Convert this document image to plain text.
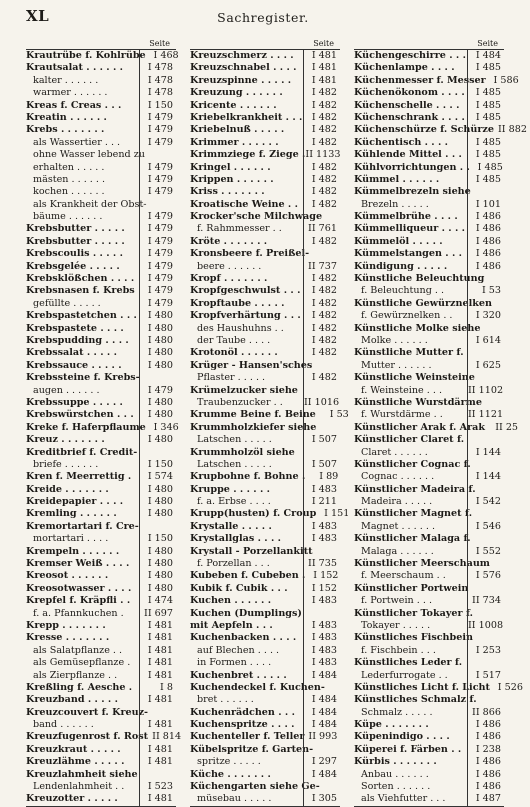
XL	Sachregister.
Seite
Krautrübe f. Kohlrübe I 468
Krautsalat . . . . . .	I 478
kalter . . . . . .	I 478
warmer . . . . . .	I 478
Kreas f. Creas . . .	I 150
Kreatin . . . . . .	I 479
Krebs . . . . . . .	I 479
als Wassertier . . .	I 479
ohne Wasser lebend zu
erhalten . . . . .	I 479
mästen . . . . . .	I 479
kochen . . . . . .	I 479
als Krankheit der Obst-
bäume . . . . . .	I 479
Krebsbutter . . . . .	I 479
Krebsbutter . . . . .	I 479
Krebscoulis . . . . .	I 479
Krebsgelée . . . . .	I 479
Krebsklößchen . . . .	I 479
Krebsnasen f. Krebs	I 479
gefüllte . . . . .	I 479
Krebspastetchen . . .	I 480
Krebspastete . . . .	I 480
Krebspudding . . . .	I 480
Krebssalat . . . . .	I 480
Krebssauce . . . . .	I 480
Krebssteine f. Krebs-
augen . . . . . .	I 479
Krebssuppe . . . . .	I 480
Krebswürstchen . . .	I 480
Kreke f. Haferpflaume I 346
Kreuz . . . . . . .	I 480
Kreditbrief f. Credit-
briefe . . . . . .	I 150
Kren f. Meerrettig .	I 574
Kreide . . . . . . .	I 480
Kreidepapier . . . .	I 480
Kremling . . . . . .	I 480
Kremortartari f. Cre-
mortartari . . . .	I 150
Krempeln . . . . . .	I 480
Kremser Weiß . . . .	I 480
Kreosot . . . . . .	I 480
Kreosotwasser . . . .	I 480
Krepfel f. Kräpfli . .	I 474
f. a. Pfannkuchen .	II 697
Krepp . . . . . . .	I 481
Kresse . . . . . . .	I 481
als Salatpflanze . .	I 481
als Gemüsepflanze .	I 481
als Zierpflanze . .	I 481
Kreßling f. Aesche .	I 8
Kreuzband . . . . .	I 481
Kreuzcouvert f. Kreuz-
band . . . . . .	I 481
Kreuzfugenrost f. Rost II 814
Kreuzkraut . . . . .	I 481
Kreuzlähme . . . . .	I 481
Kreuzlahmheit siehe
Lendenlahmheit . .	I 523
Kreuzotter . . . . .	I 481
Seite
Kreuzschmerz . . . .	I 481
Kreuzschnabel . . . .	I 481
Kreuzspinne . . . . .	I 481
Kreuzung . . . . . .	I 482
Kricente . . . . . .	I 482
Kriebelkrankheit . . . I 482
Kriebelnuß . . . . .	I 482
Krimmer . . . . . .	I 482
Krimmziege f. Ziege . II 1133
Kringel . . . . . .	I 482
Krippen . . . . . .	I 482
Kriss . . . . . . .	I 482
Kroatische Weine . .	I 482
Krocker'sche Milchwage
f. Rahmmesser . .	II 761
Kröte . . . . . . .	I 482
Kronsbeere f. Preißel-
beere . . . . . .	II 737
Kropf . . . . . . .	I 482
Kropfgeschwulst . . .	I 482
Kropftaube . . . . .	I 482
Kropfverhärtung . . .	I 482
des Haushuhns . .	I 482
der Taube . . . .	I 482
Krotonöl . . . . . .	I 482
Krüger - Hansen'sches
Pflaster . . . . .	I 482
Krümelzucker siehe
Traubenzucker . .	II 1016
Krumme Beine f. Beine	I 53
Krummholzkiefer siehe
Latschen . . . . .	I 507
Krummholzöl siehe
Latschen . . . . .	I 507
Krupbohne f. Bohne .	I 89
Kruppe . . . . . .	I 483
f. a. Erbse . . . .	I 211
Krupp(husten) f. Croup I 151
Krystalle . . . . .	I 483
Krystallglas . . . .	I 483
Krystall - Porzellankitt
f. Porzellan . . .	II 735
Kubeben f. Cubeben . I 152
Kubik f. Cubik . . .	I 152
Kuchen . . . . . .	I 483
Kuchen (Dumplings)
mit Aepfeln . . .	I 483
Kuchenbacken . . . .	I 483
auf Blechen . . . .	I 483
in Formen . . . .	I 483
Kuchenbret . . . . .	I 484
Kuchendeckel f. Kuchen-
bret . . . . . .	I 484
Kuchenrädchen . . .	I 484
Kuchenspritze . . . .	I 484
Kuchenteller f. Teller II 993
Kübelspritze f. Garten-
spritze . . . . .	I 297
Küche . . . . . . .	I 484
Küchengarten siehe Ge-
müsebau . . . . .	I 305
Seite
Küchengeschirre . . .	I 484
Küchenlampe . . . .	I 485
Küchenmesser f. Messer I 586
Küchenökonom . . . .	I 485
Küchenschelle . . . .	I 485
Küchenschrank . . . .	I 485
Küchenschürze f. Schürze II 882
Küchentisch . . . .	I 485
Kühlende Mittel . . .	I 485
Kühlvorrichtungen . . I 485
Kümmel . . . . . .	I 485
Kümmelbrezeln siehe
Brezeln . . . . .	I 101
Kümmelbrühe . . . .	I 486
Kümmelliqueur . . . .	I 486
Kümmelöl . . . . .	I 486
Kümmelstangen . . .	I 486
Kündigung . . . . .	I 486
Künstliche Beleuchtung
f. Beleuchtung . .	I 53
Künstliche Gewürznelken
f. Gewürznelken . .	I 320
Künstliche Molke siehe
Molke . . . . . .	I 614
Künstliche Mutter f.
Mutter . . . . . .	I 625
Künstliche Weinsteine
f. Weinsteine . . .	II 1102
Künstliche Wurstdärme
f. Wurstdärme . .	II 1121
Künstlicher Arak f. Arak	II 25
Künstlicher Claret f.
Claret . . . . . .	I 144
Künstlicher Cognac f.
Cognac . . . . . .	I 144
Künstlicher Madeira f.
Madeira . . . . .	I 542
Künstlicher Magnet f.
Magnet . . . . . .	I 546
Künstlicher Malaga f.
Malaga . . . . . .	I 552
Künstlicher Meerschaum
f. Meerschaum . .	I 576
Künstlicher Portwein
f. Portwein . . .	II 734
Künstlicher Tokayer f.
Tokayer . . . . .	II 1008
Künstliches Fischbein
f. Fischbein . . .	I 253
Künstliches Leder f.
Lederfurrogate . .	I 517
Künstliches Licht f. Licht I 526
Künstliches Schmalz f.
Schmalz . . . . .	II 866
Küpe . . . . . . .	I 486
Küpenindigo . . . .	I 486
Küperei f. Färben . .	I 238
Kürbis . . . . . . .	I 486
Anbau . . . . . .	I 486
Sorten . . . . . .	I 486
als Viehfutter . . .	I 487
